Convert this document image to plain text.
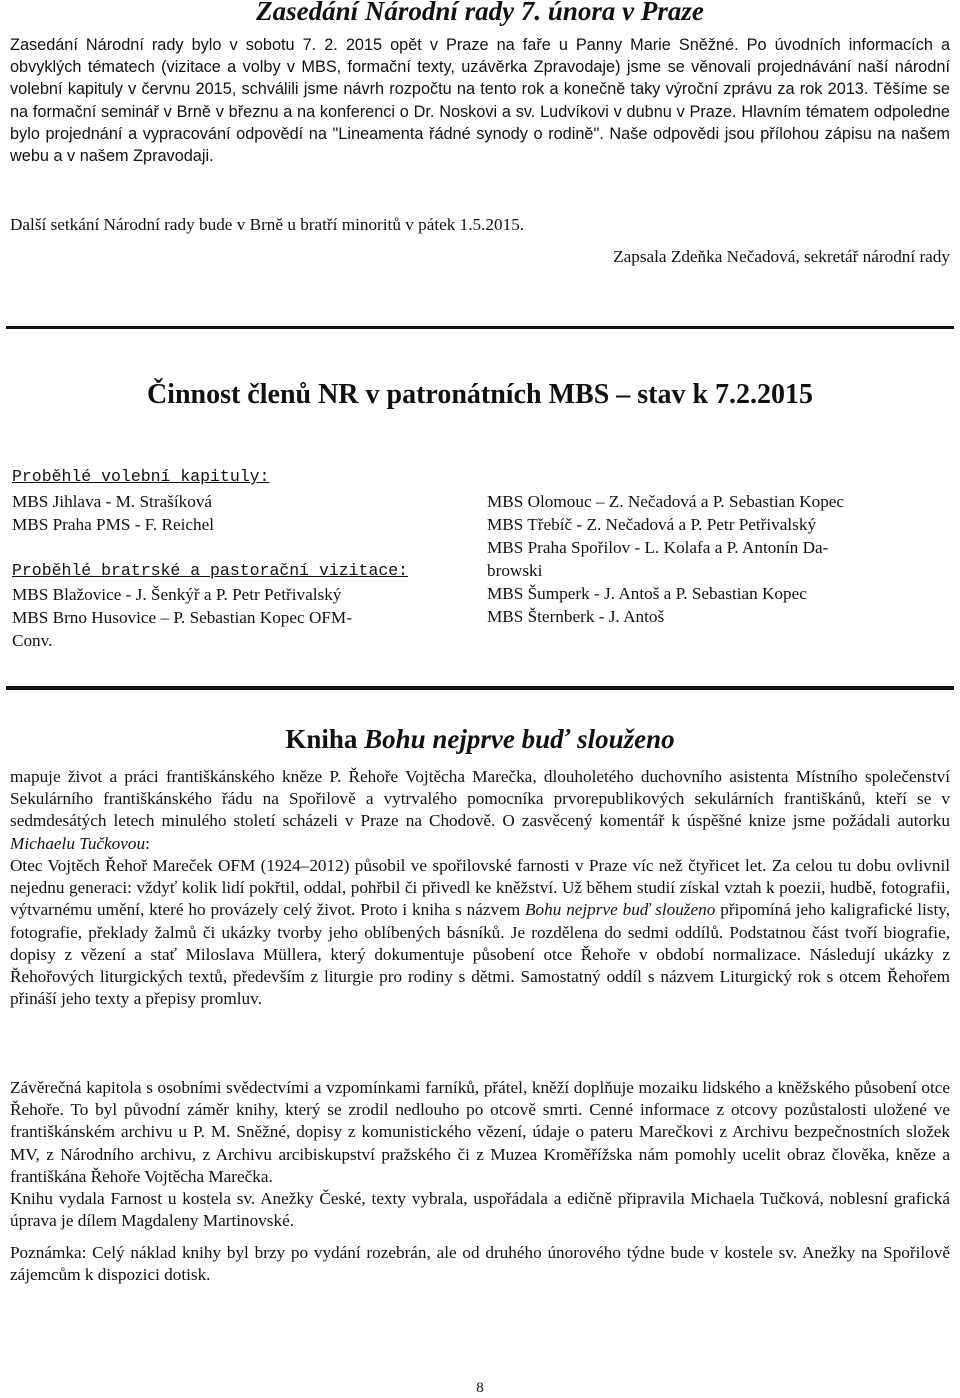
Zasedání Národní rady 7. února v Praze

Zasedání Národní rady bylo v sobotu 7. 2. 2015 opět v Praze na faře u Panny Marie Sněžné. Po úvodních informacích a obvyklých tématech (vizitace a volby v MBS, formační texty, uzávěrka Zpravodaje) jsme se věnovali projednávání naší národní volební kapituly v červnu 2015, schválili jsme návrh rozpočtu na tento rok a konečně taky výroční zprávu za rok 2013. Těšíme se na formační seminář v Brně v březnu a na konferenci o Dr. Noskovi a sv. Ludvíkovi v dubnu v Praze. Hlavním tématem odpoledne bylo projednání a vypracování odpovědí na "Lineamenta řádné synody o rodině". Naše odpovědi jsou přílohou zápisu na našem webu a v našem Zpravodaji.

Další setkání Národní rady bude v Brně u bratří minoritů v pátek 1.5.2015.

Zapsala Zdeňka Nečadová, sekretář národní rady

Činnost členů NR v patronátních MBS – stav k 7.2.2015

Proběhlé volební kapituly:

MBS Jihlava - M. Strašíková

MBS Praha PMS - F. Reichel

Proběhlé bratrské a pastorační vizitace:

MBS Blažovice - J. Šenkýř a P. Petr Petřivalský

MBS Brno Husovice – P. Sebastian Kopec OFM-

Conv.

MBS Olomouc – Z. Nečadová a P. Sebastian Kopec

MBS Třebíč - Z. Nečadová a P. Petr Petřivalský

MBS Praha Spořilov - L. Kolafa a P. Antonín Da-

browski

MBS Šumperk - J. Antoš a P. Sebastian Kopec

MBS Šternberk - J. Antoš

Kniha Bohu nejprve buď slouženo

mapuje život a práci františkánského kněze P. Řehoře Vojtěcha Marečka, dlouholetého duchovního asistenta Místního společenství Sekulárního františkánského řádu na Spořilově a vytrvalého pomocníka prvorepublikových sekulárních františkánů, kteří se v sedmdesátých letech minulého století scházeli v Praze na Chodově. O zasvěcený komentář k úspěšné knize jsme požádali autorku Michaelu Tučkovou:

Otec Vojtěch Řehoř Mareček OFM (1924–2012) působil ve spořilovské farnosti v Praze víc než čtyřicet let. Za celou tu dobu ovlivnil nejednu generaci: vždyť kolik lidí pokřtil, oddal, pohřbil či přivedl ke kněžství. Už během studií získal vztah k poezii, hudbě, fotografii, výtvarnému umění, které ho provázely celý život. Proto i kniha s názvem Bohu nejprve buď slouženo připomíná jeho kaligrafické listy, fotografie, překlady žalmů či ukázky tvorby jeho oblíbených básníků. Je rozdělena do sedmi oddílů. Podstatnou část tvoří biografie, dopisy z vězení a stať Miloslava Müllera, který dokumentuje působení otce Řehoře v období normalizace. Následují ukázky z Řehořových liturgických textů, především z liturgie pro rodiny s dětmi. Samostatný oddíl s názvem Liturgický rok s otcem Řehořem přináší jeho texty a přepisy promluv.

Závěrečná kapitola s osobními svědectvími a vzpomínkami farníků, přátel, kněží doplňuje mozaiku lidského a kněžského působení otce Řehoře. To byl původní záměr knihy, který se zrodil nedlouho po otcově smrti. Cenné informace z otcovy pozůstalosti uložené ve františkánském archivu u P. M. Sněžné, dopisy z komunistického vězení, údaje o pateru Marečkovi z Archivu bezpečnostních složek MV, z Národního archivu, z Archivu arcibiskupství pražského či z Muzea Kroměřížska nám pomohly ucelit obraz člověka, kněze a františkána Řehoře Vojtěcha Marečka.

Knihu vydala Farnost u kostela sv. Anežky České, texty vybrala, uspořádala a edičně připravila Michaela Tučková, noblesní grafická úprava je dílem Magdaleny Martinovské.

Poznámka: Celý náklad knihy byl brzy po vydání rozebrán, ale od druhého únorového týdne bude v kostele sv. Anežky na Spořilově zájemcům k dispozici dotisk.

8
